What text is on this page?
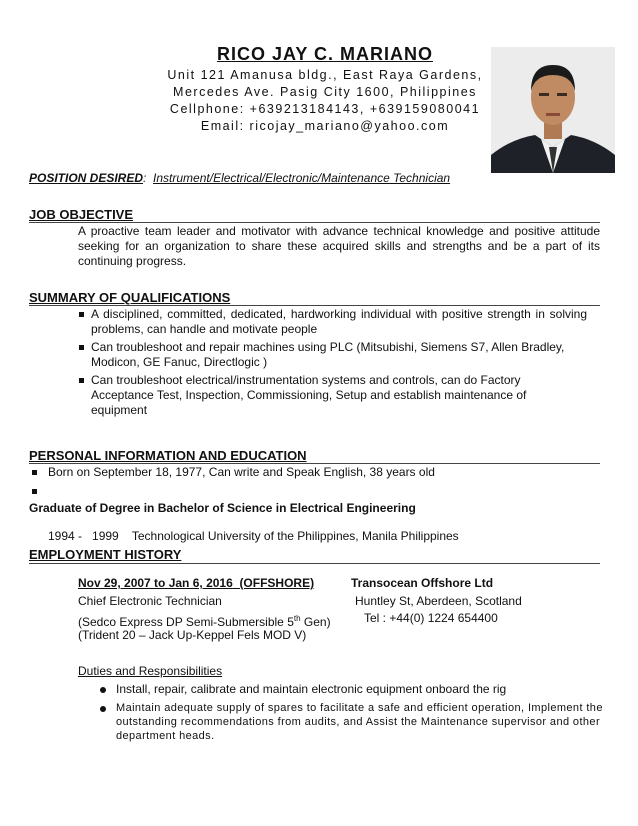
RICO JAY C. MARIANO
Unit 121 Amanusa bldg., East Raya Gardens,
Mercedes Ave. Pasig City 1600, Philippines
Cellphone: +639213184143, +639159080041
Email: ricojay_mariano@yahoo.com
POSITION DESIRED: Instrument/Electrical/Electronic/Maintenance Technician
JOB OBJECTIVE
A proactive team leader and motivator with advance technical knowledge and positive attitude seeking for an organization to share these acquired skills and strengths and be a part of its continuing progress.
SUMMARY OF QUALIFICATIONS
A disciplined, committed, dedicated, hardworking individual with positive strength in solving problems, can handle and motivate people
Can troubleshoot and repair machines using PLC (Mitsubishi, Siemens S7, Allen Bradley, Modicon, GE Fanuc, Directlogic )
Can troubleshoot electrical/instrumentation systems and controls, can do Factory Acceptance Test, Inspection, Commissioning, Setup and establish maintenance of equipment
PERSONAL INFORMATION AND EDUCATION
Born on September 18, 1977, Can write and Speak English, 38 years old

1994 -   1999    Technological University of the Philippines, Manila Philippines

Graduate of Degree in Bachelor of Science in Electrical Engineering
EMPLOYMENT HISTORY
Nov 29, 2007 to Jan 6, 2016 (OFFSHORE)	Transocean Offshore Ltd
Chief Electronic Technician	Huntley St, Aberdeen, Scotland
(Sedco Express DP Semi-Submersible 5th Gen)	Tel : +44(0) 1224 654400
(Trident 20 – Jack Up-Keppel Fels MOD V)
Duties and Responsibilities
Install, repair, calibrate and maintain electronic equipment onboard the rig
Maintain adequate supply of spares to facilitate a safe and efficient operation, Implement the outstanding recommendations from audits, and Assist the Maintenance supervisor and other department heads.
